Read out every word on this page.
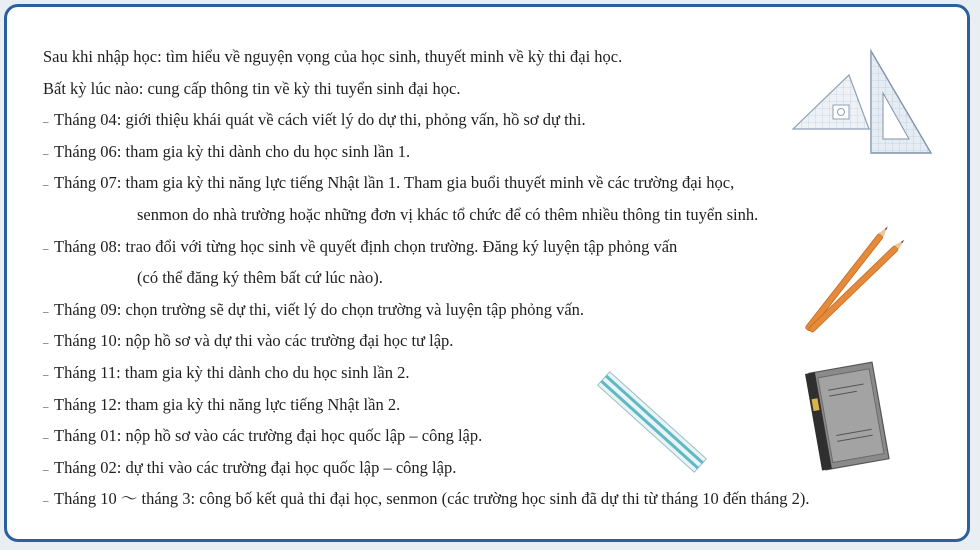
Sau khi nhập học: tìm hiểu về nguyện vọng của học sinh, thuyết minh về kỳ thi đại học.
Bất kỳ lúc nào: cung cấp thông tin về kỳ thi tuyển sinh đại học.
– Tháng 04: giới thiệu khái quát về cách viết lý do dự thi, phỏng vấn, hồ sơ dự thi.
– Tháng 06: tham gia kỳ thi dành cho du học sinh lần 1.
– Tháng 07: tham gia kỳ thi năng lực tiếng Nhật lần 1. Tham gia buổi thuyết minh về các trường đại học,
senmon do nhà trường hoặc những đơn vị khác tổ chức để có thêm nhiều thông tin tuyển sinh.
– Tháng 08: trao đổi với từng học sinh về quyết định chọn trường. Đăng ký luyện tập phỏng vấn
(có thể đăng ký thêm bất cứ lúc nào).
– Tháng 09: chọn trường sẽ dự thi, viết lý do chọn trường và luyện tập phỏng vấn.
– Tháng 10: nộp hồ sơ và dự thi vào các trường đại học tư lập.
– Tháng 11: tham gia kỳ thi dành cho du học sinh lần 2.
– Tháng 12: tham gia kỳ thi năng lực tiếng Nhật lần 2.
– Tháng 01: nộp hồ sơ vào các trường đại học quốc lập – công lập.
– Tháng 02: dự thi vào các trường đại học quốc lập – công lập.
– Tháng 10 〜 tháng 3: công bố kết quả thi đại học, senmon (các trường học sinh đã dự thi từ tháng 10 đến tháng 2).
